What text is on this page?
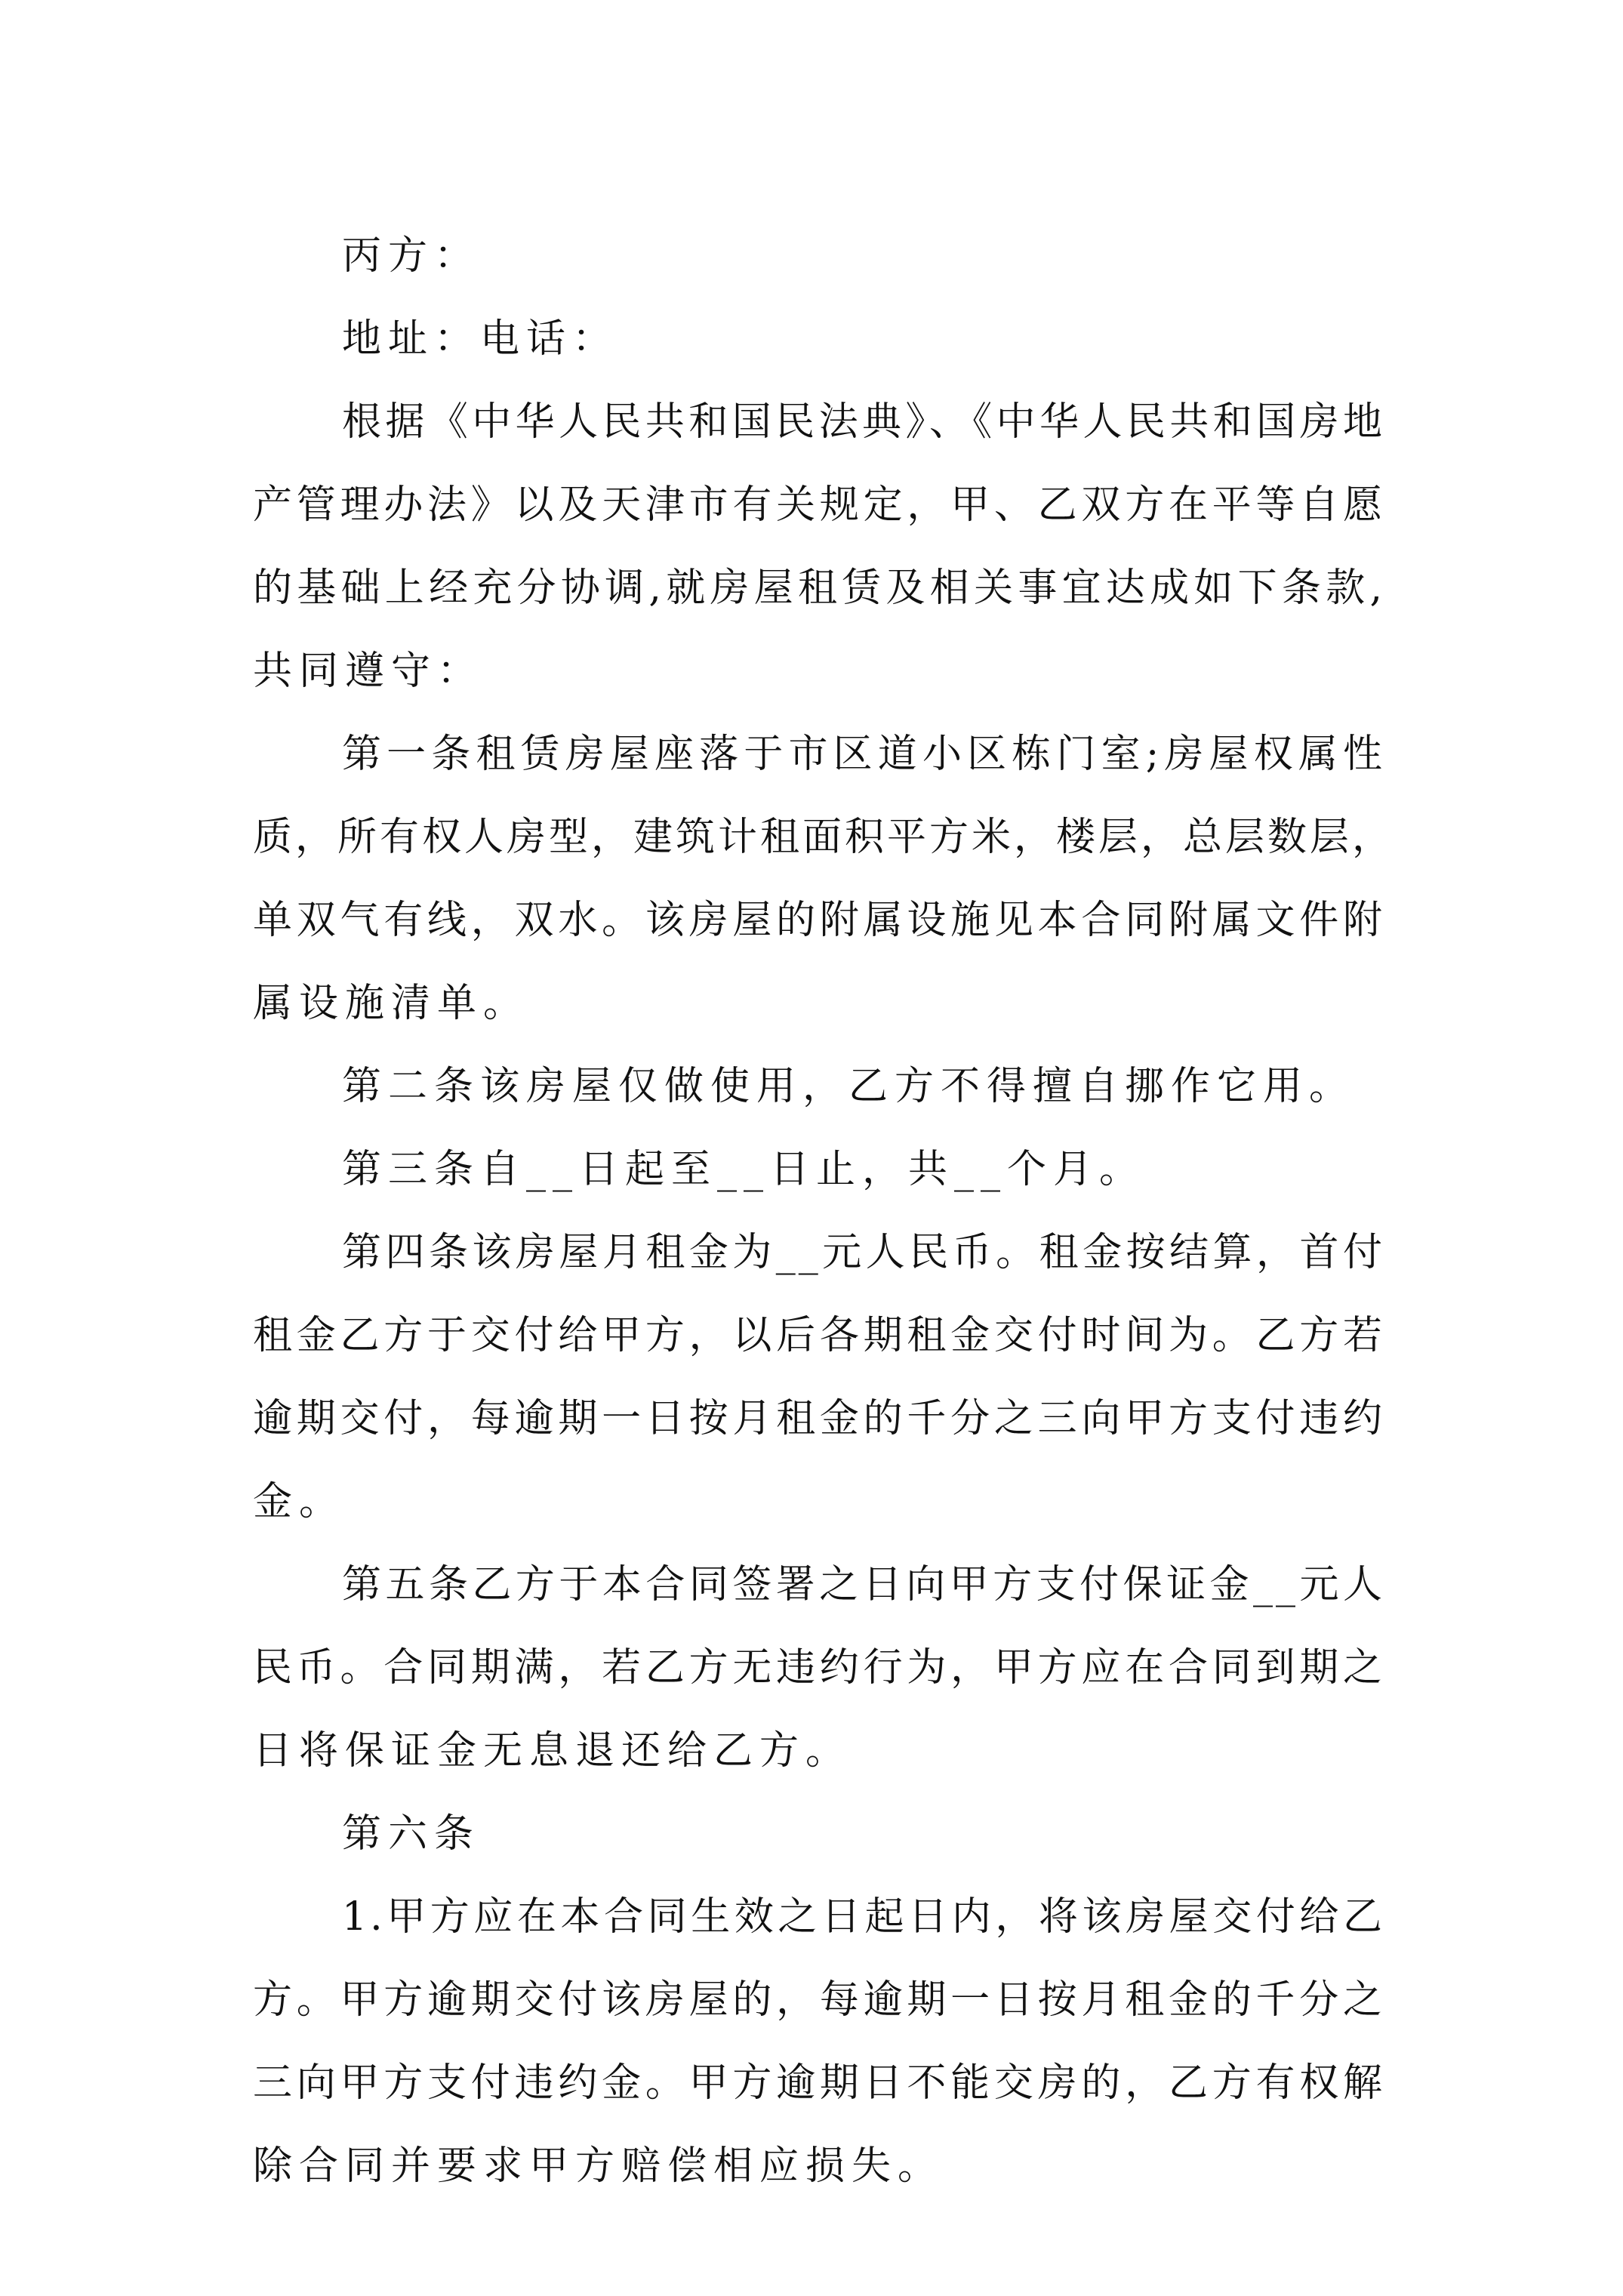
丙方：
地址：电话：
根据《中华人民共和国民法典》、《中华人民共和国房地
产管理办法》以及天津市有关规定，甲、乙双方在平等自愿
的基础上经充分协调,就房屋租赁及相关事宜达成如下条款,
共同遵守：
第一条租赁房屋座落于市区道小区栋门室;房屋权属性
质，所有权人房型，建筑计租面积平方米，楼层，总层数层，
单双气有线，双水。该房屋的附属设施见本合同附属文件附
属设施清单。
第二条该房屋仅做使用，乙方不得擅自挪作它用。
第三条自__日起至__日止，共__个月。
第四条该房屋月租金为__元人民币。租金按结算，首付
租金乙方于交付给甲方，以后各期租金交付时间为。乙方若
逾期交付，每逾期一日按月租金的千分之三向甲方支付违约
金。
第五条乙方于本合同签署之日向甲方支付保证金__元人
民币。合同期满，若乙方无违约行为，甲方应在合同到期之
日将保证金无息退还给乙方。
第六条
1.甲方应在本合同生效之日起日内，将该房屋交付给乙
方。甲方逾期交付该房屋的，每逾期一日按月租金的千分之
三向甲方支付违约金。甲方逾期日不能交房的，乙方有权解
除合同并要求甲方赔偿相应损失。
